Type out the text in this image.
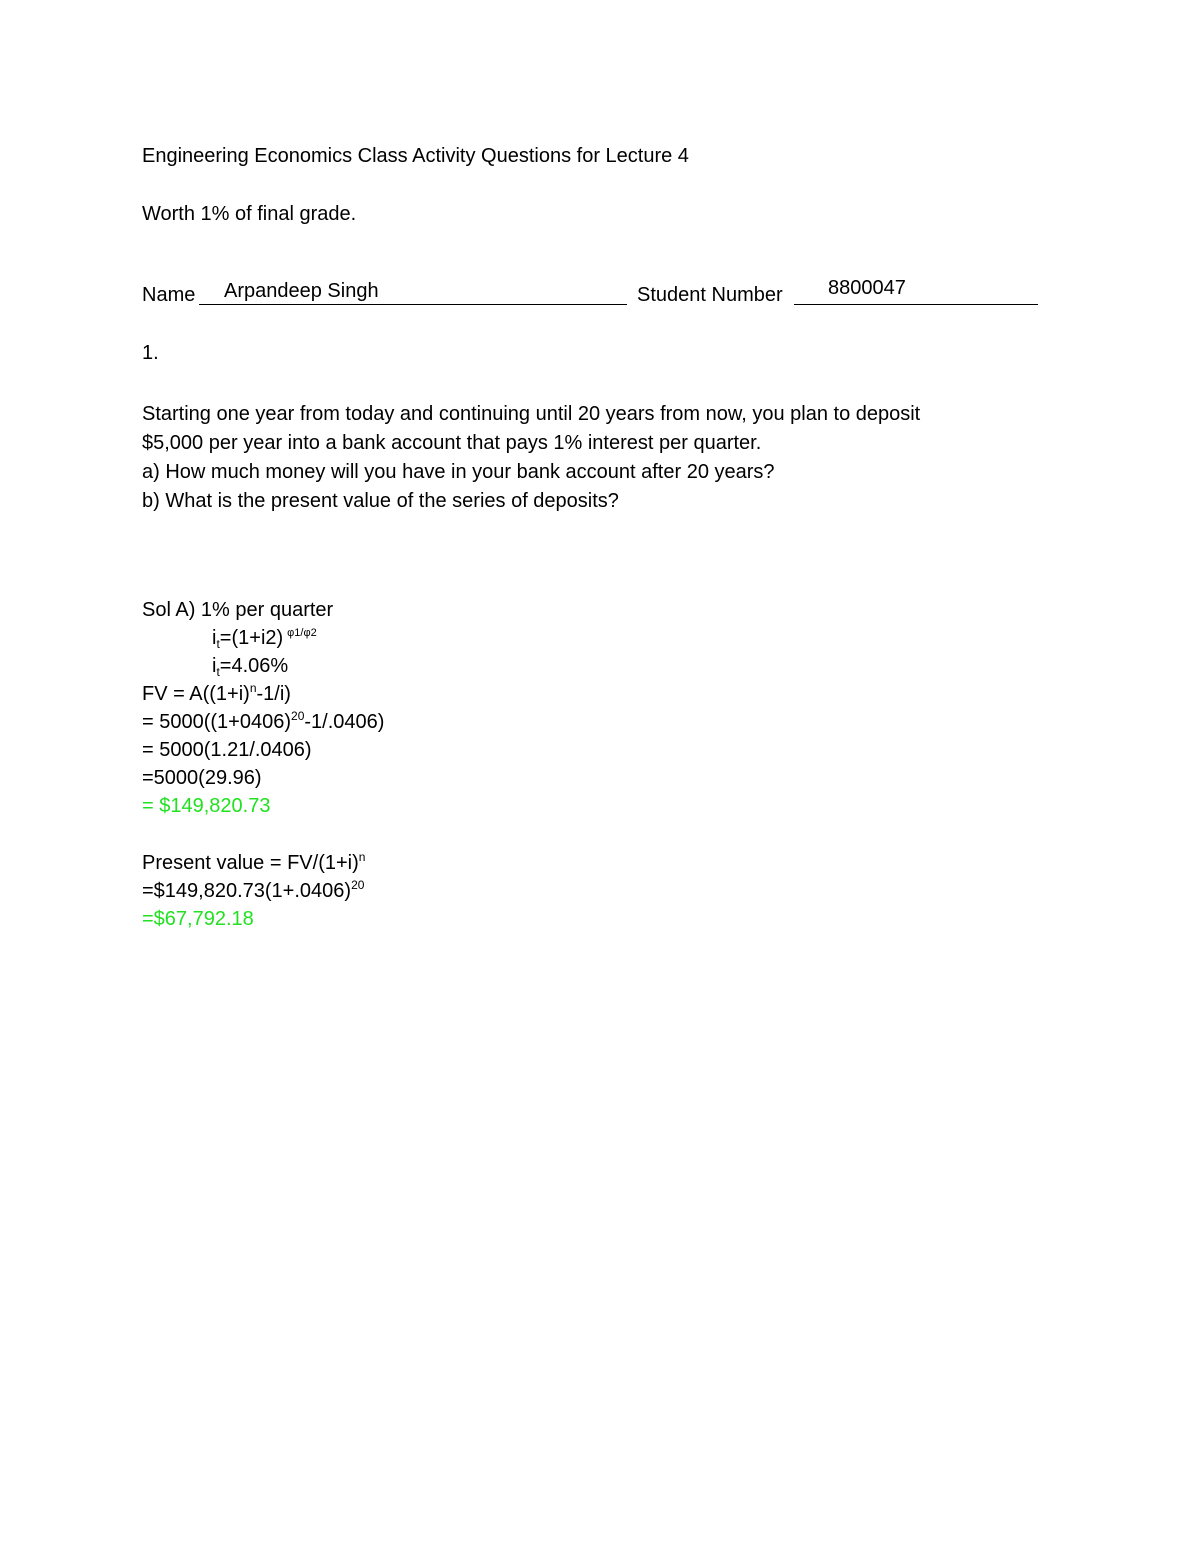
Engineering Economics Class Activity Questions for Lecture 4
Worth 1% of final grade.
Name Arpandeep Singh	Student Number 8800047
1.
Starting one year from today and continuing until 20 years from now, you plan to deposit
$5,000 per year into a bank account that pays 1% interest per quarter.
a) How much money will you have in your bank account after 20 years?
b) What is the present value of the series of deposits?
Sol A) 1% per quarter
$i_t=(1+i2)$ $^{\varphi 1/\varphi 2}$
$i_t=4.06\%$
FV = $A((1+i)^n-1/i)$
= $5000((1+0406)^{20}-1/.0406)$
= 5000(1.21/.0406)
=5000(29.96)
= $149,820.73
Present value = $FV/(1+i)^n$
$=\$149,820.73(1+.0406)^{20}$
=$67,792.18
